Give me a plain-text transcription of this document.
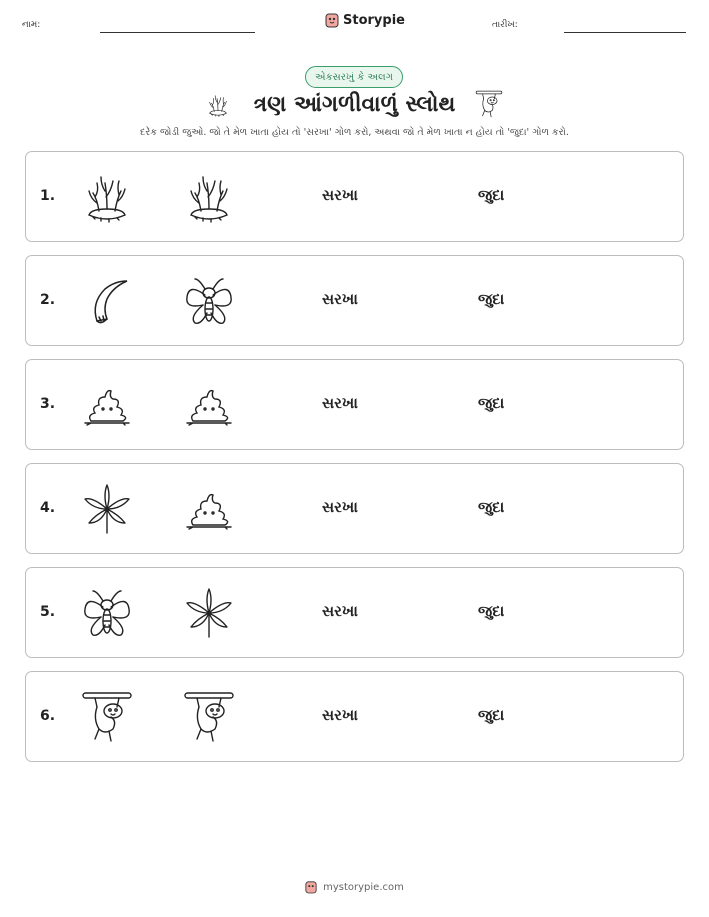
નામ:	Storypie	તારીખ:
એકસરખું કે અલગ
ત્રણ આંગળીવાળું સ્લોથ
દરેક જોડી જુઓ. જો તે મેળ ખાતા હોય તો 'સરખા' ગોળ કરો, અથવા જો તે મેળ ખાતા ન હોય તો 'જુદા' ગોળ કરો.
1.	સરખા	જુદા
2.	સરખા	જુદા
3.	સરખા	જુદા
4.	સરખા	જુદા
5.	સરખા	જુદા
6.	સરખા	જુદા
mystorypie.com
